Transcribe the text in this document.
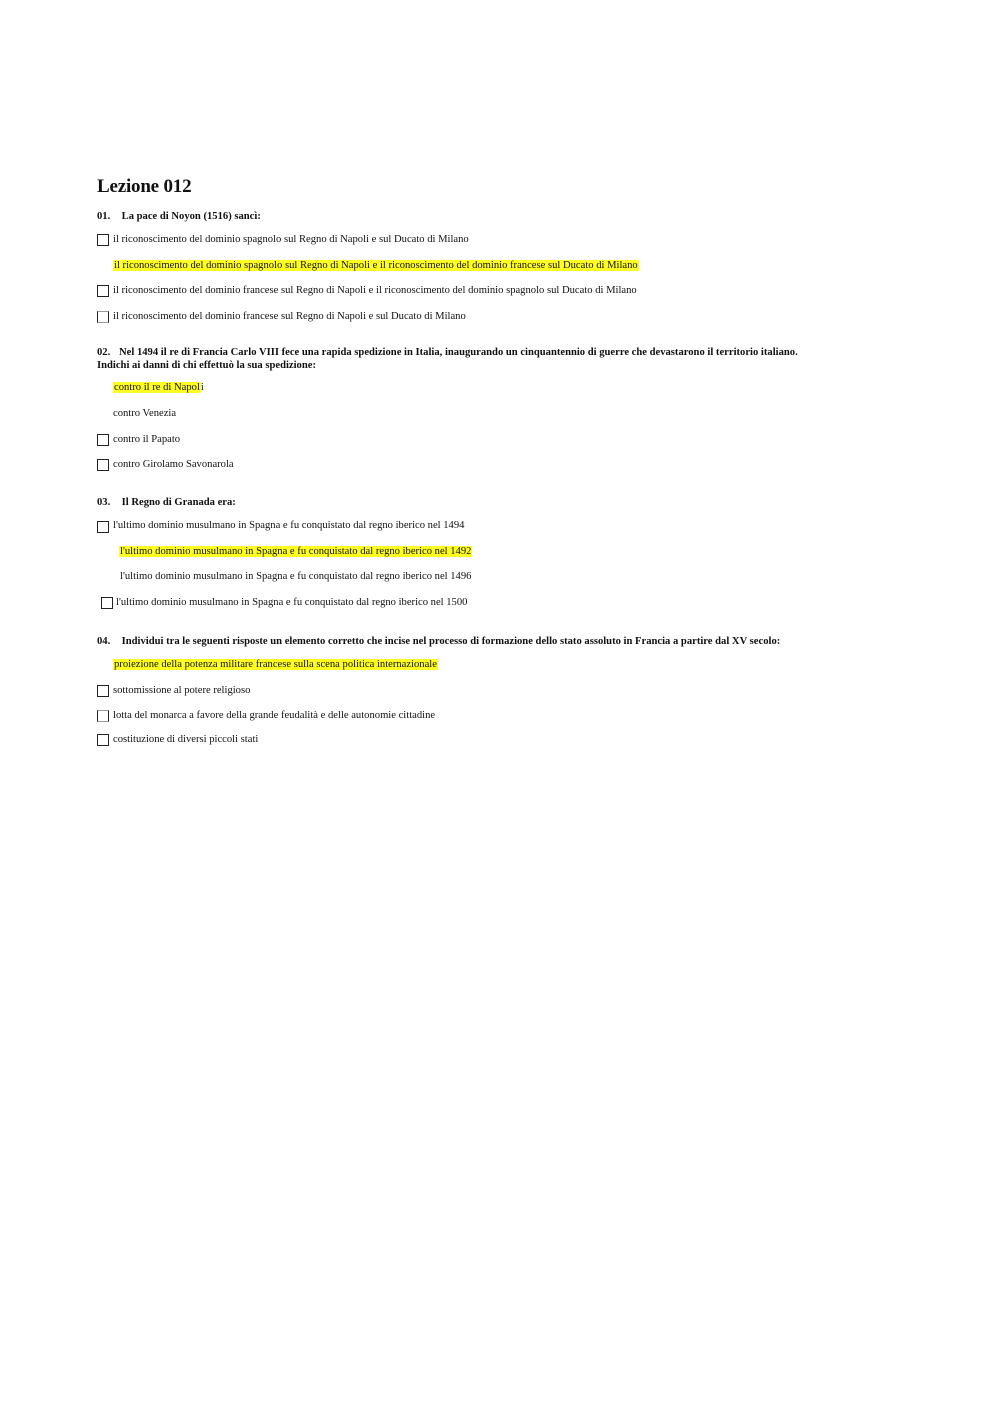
Lezione 012
01. La pace di Noyon (1516) sancì:
il riconoscimento del dominio spagnolo sul Regno di Napoli e sul Ducato di Milano
il riconoscimento del dominio spagnolo sul Regno di Napoli e il riconoscimento del dominio francese sul Ducato di Milano
il riconoscimento del dominio francese sul Regno di Napoli e il riconoscimento del dominio spagnolo sul Ducato di Milano
il riconoscimento del dominio francese sul Regno di Napoli e sul Ducato di Milano
02. Nel 1494 il re di Francia Carlo VIII fece una rapida spedizione in Italia, inaugurando un cinquantennio di guerre che devastarono il territorio italiano.
Indichi ai danni di chi effettuò la sua spedizione:
contro il re di Napoli
contro Venezia
contro il Papato
contro Girolamo Savonarola
03. Il Regno di Granada era:
l'ultimo dominio musulmano in Spagna e fu conquistato dal regno iberico nel 1494
l'ultimo dominio musulmano in Spagna e fu conquistato dal regno iberico nel 1492
l'ultimo dominio musulmano in Spagna e fu conquistato dal regno iberico nel 1496
l'ultimo dominio musulmano in Spagna e fu conquistato dal regno iberico nel 1500
04. Individui tra le seguenti risposte un elemento corretto che incise nel processo di formazione dello stato assoluto in Francia a partire dal XV secolo:
proiezione della potenza militare francese sulla scena politica internazionale
sottomissione al potere religioso
lotta del monarca a favore della grande feudalità e delle autonomie cittadine
costituzione di diversi piccoli stati
